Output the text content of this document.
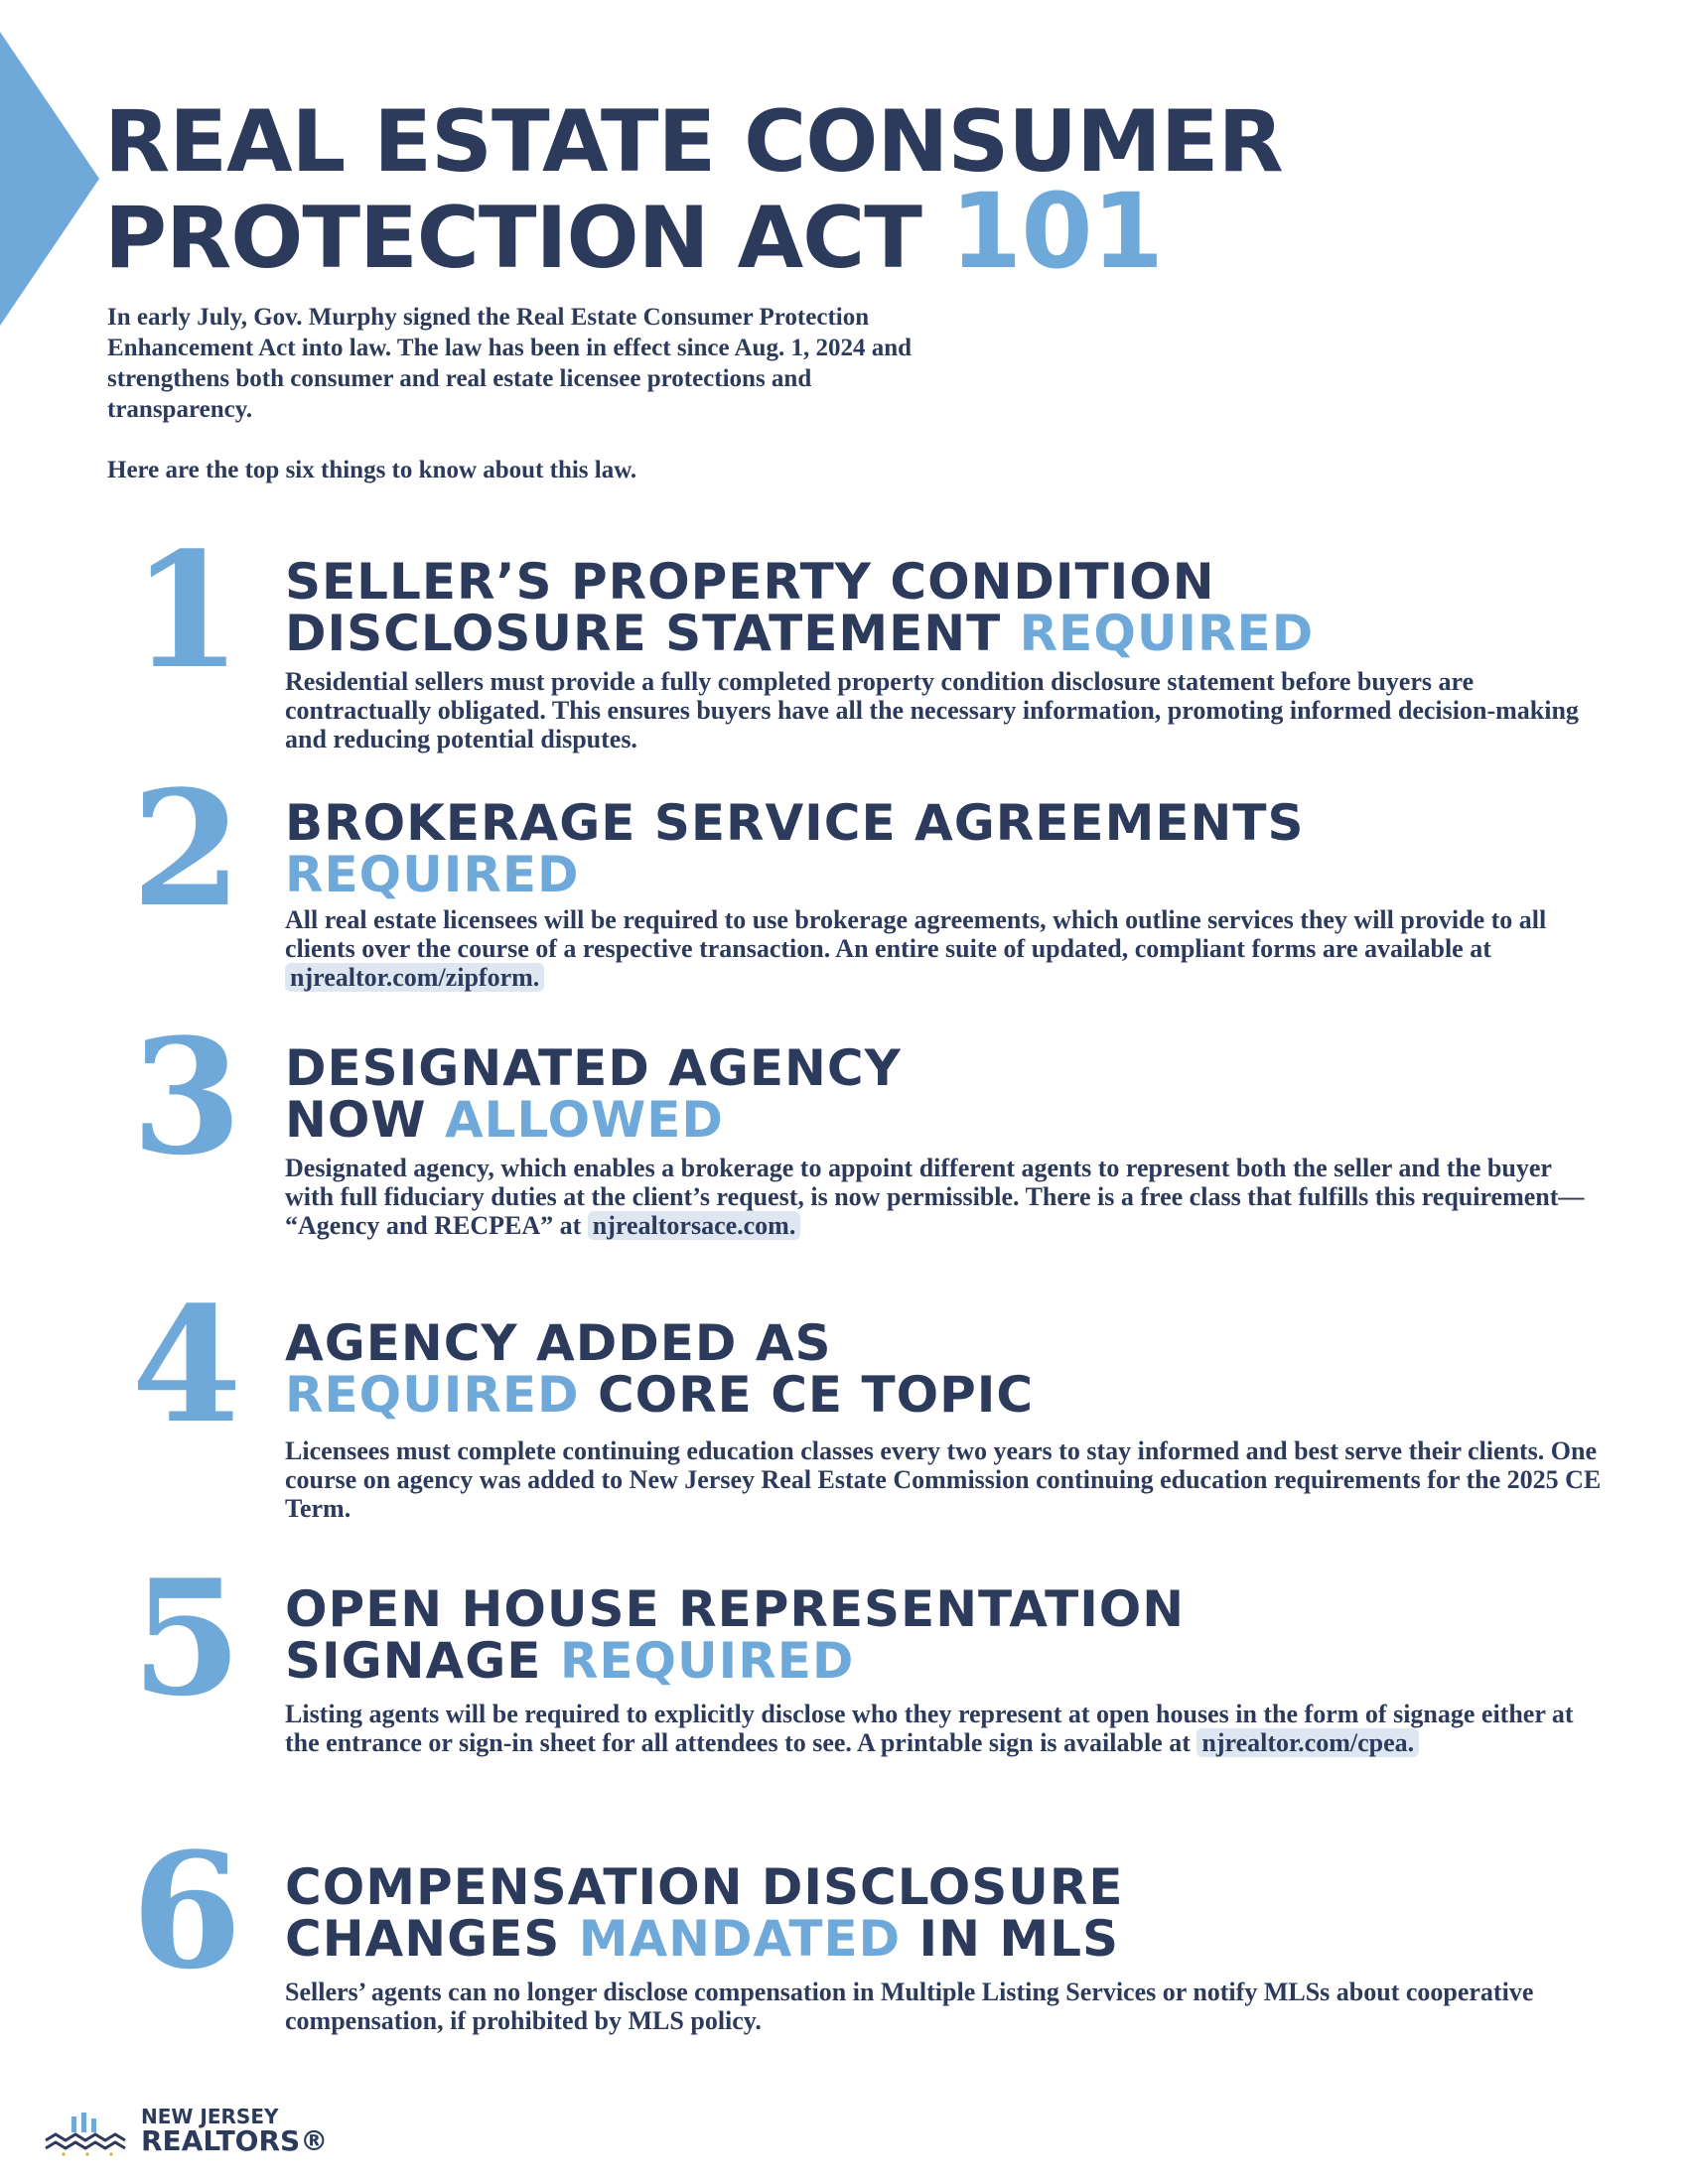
REAL ESTATE CONSUMER
PROTECTION ACT 101

In early July, Gov. Murphy signed the Real Estate Consumer Protection Enhancement Act into law. The law has been in effect since Aug. 1, 2024 and strengthens both consumer and real estate licensee protections and transparency.

Here are the top six things to know about this law.

1 SELLER’S PROPERTY CONDITION
DISCLOSURE STATEMENT REQUIRED
Residential sellers must provide a fully completed property condition disclosure statement before buyers are contractually obligated. This ensures buyers have all the necessary information, promoting informed decision-making and reducing potential disputes.
2 BROKERAGE SERVICE AGREEMENTS
REQUIRED
All real estate licensees will be required to use brokerage agreements, which outline services they will provide to all clients over the course of a respective transaction. An entire suite of updated, compliant forms are available at njrealtor.com/zipform.
3 DESIGNATED AGENCY
NOW ALLOWED
Designated agency, which enables a brokerage to appoint different agents to represent both the seller and the buyer with full fiduciary duties at the client’s request, is now permissible. There is a free class that fulfills this requirement— “Agency and RECPEA” at njrealtorsace.com.
4 AGENCY ADDED AS
REQUIRED CORE CE TOPIC
Licensees must complete continuing education classes every two years to stay informed and best serve their clients. One course on agency was added to New Jersey Real Estate Commission continuing education requirements for the 2025 CE Term.
5 OPEN HOUSE REPRESENTATION
SIGNAGE REQUIRED
Listing agents will be required to explicitly disclose who they represent at open houses in the form of signage either at the entrance or sign-in sheet for all attendees to see. A printable sign is available at njrealtor.com/cpea.
6 COMPENSATION DISCLOSURE
CHANGES MANDATED IN MLS
Sellers’ agents can no longer disclose compensation in Multiple Listing Services or notify MLSs about cooperative compensation, if prohibited by MLS policy.
NEW JERSEY
REALTORS®
